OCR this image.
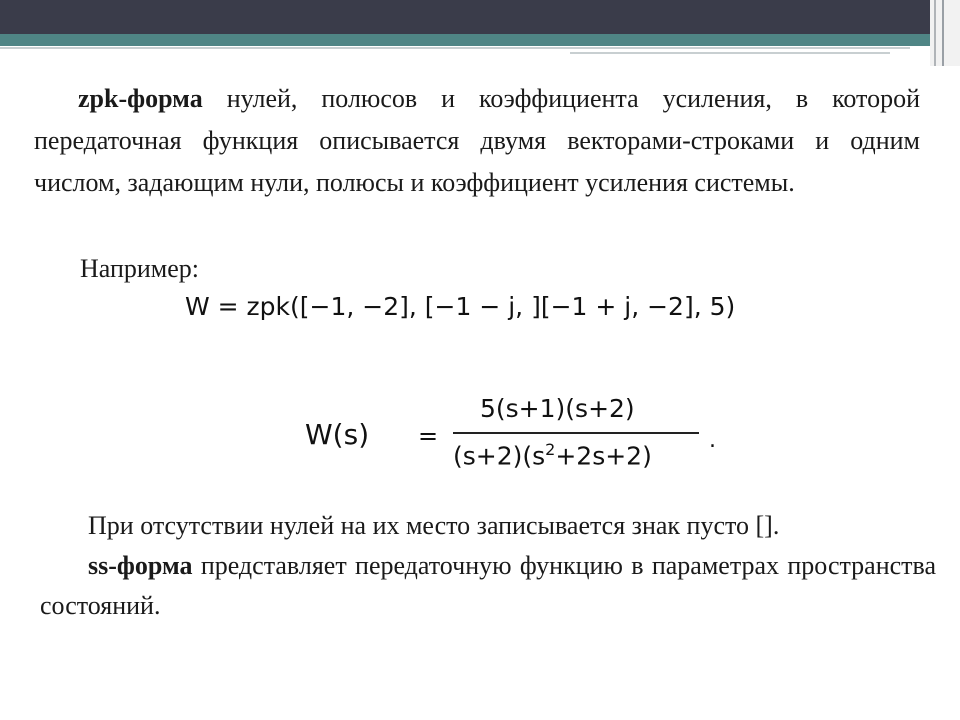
zpk-форма нулей, полюсов и коэффициента усиления, в которой передаточная функция описывается двумя векторами-строками и одним числом, задающим нули, полюсы и коэффициент усиления системы.
Например:
W = zpk([−1, −2], [−1 − j, ][−1 + j, −2], 5)
W(s) =
5(s+1)(s+2)
$(s+2)(s^2+2s+2)$
.
При отсутствии нулей на их место записывается знак пусто [].
ss-форма представляет передаточную функцию в параметрах пространства состояний.
